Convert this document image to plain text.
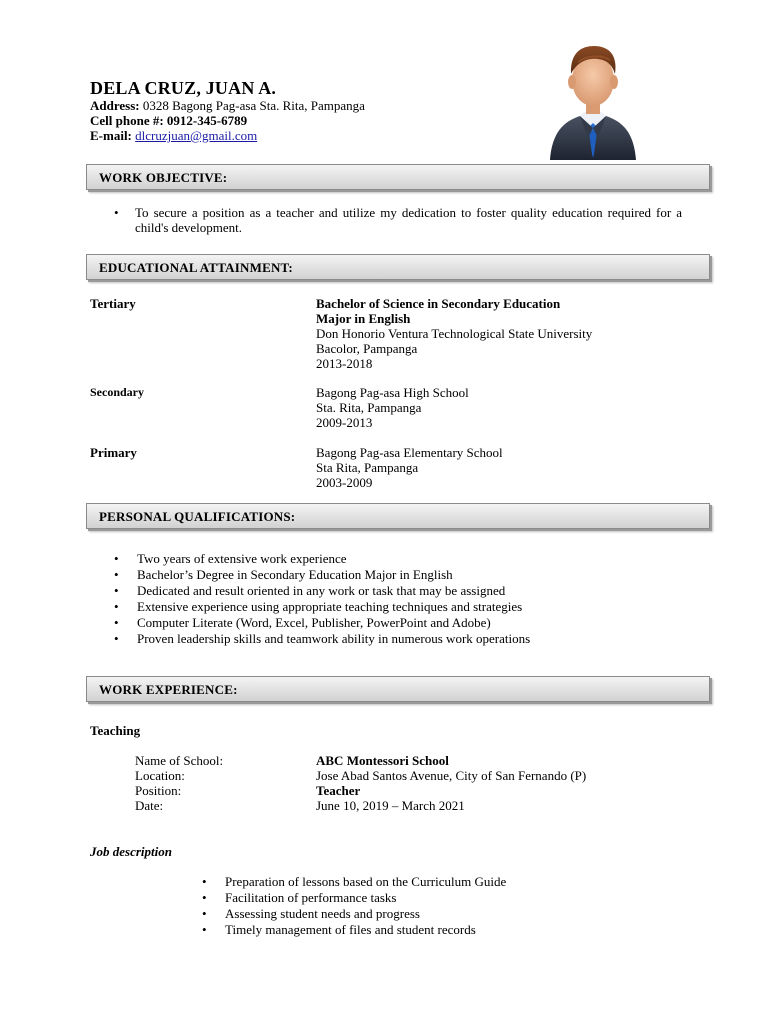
DELA CRUZ, JUAN A.
Address: 0328 Bagong Pag-asa Sta. Rita, Pampanga
Cell phone #: 0912-345-6789
E-mail: dlcruzjuan@gmail.com
WORK OBJECTIVE:
• To secure a position as a teacher and utilize my dedication to foster quality education required for a child's development.
EDUCATIONAL ATTAINMENT:
Tertiary	Bachelor of Science in Secondary Education
Major in English
Don Honorio Ventura Technological State University
Bacolor, Pampanga
2013-2018
Secondary	Bagong Pag-asa High School
Sta. Rita, Pampanga
2009-2013
Primary	Bagong Pag-asa Elementary School
Sta Rita, Pampanga
2003-2009
PERSONAL QUALIFICATIONS:
• Two years of extensive work experience
• Bachelor’s Degree in Secondary Education Major in English
• Dedicated and result oriented in any work or task that may be assigned
• Extensive experience using appropriate teaching techniques and strategies
• Computer Literate (Word, Excel, Publisher, PowerPoint and Adobe)
• Proven leadership skills and teamwork ability in numerous work operations
WORK EXPERIENCE:
Teaching
Name of School:	ABC Montessori School
Location:	Jose Abad Santos Avenue, City of San Fernando (P)
Position:	Teacher
Date:	June 10, 2019 – March 2021
Job description
• Preparation of lessons based on the Curriculum Guide
• Facilitation of performance tasks
• Assessing student needs and progress
• Timely management of files and student records
